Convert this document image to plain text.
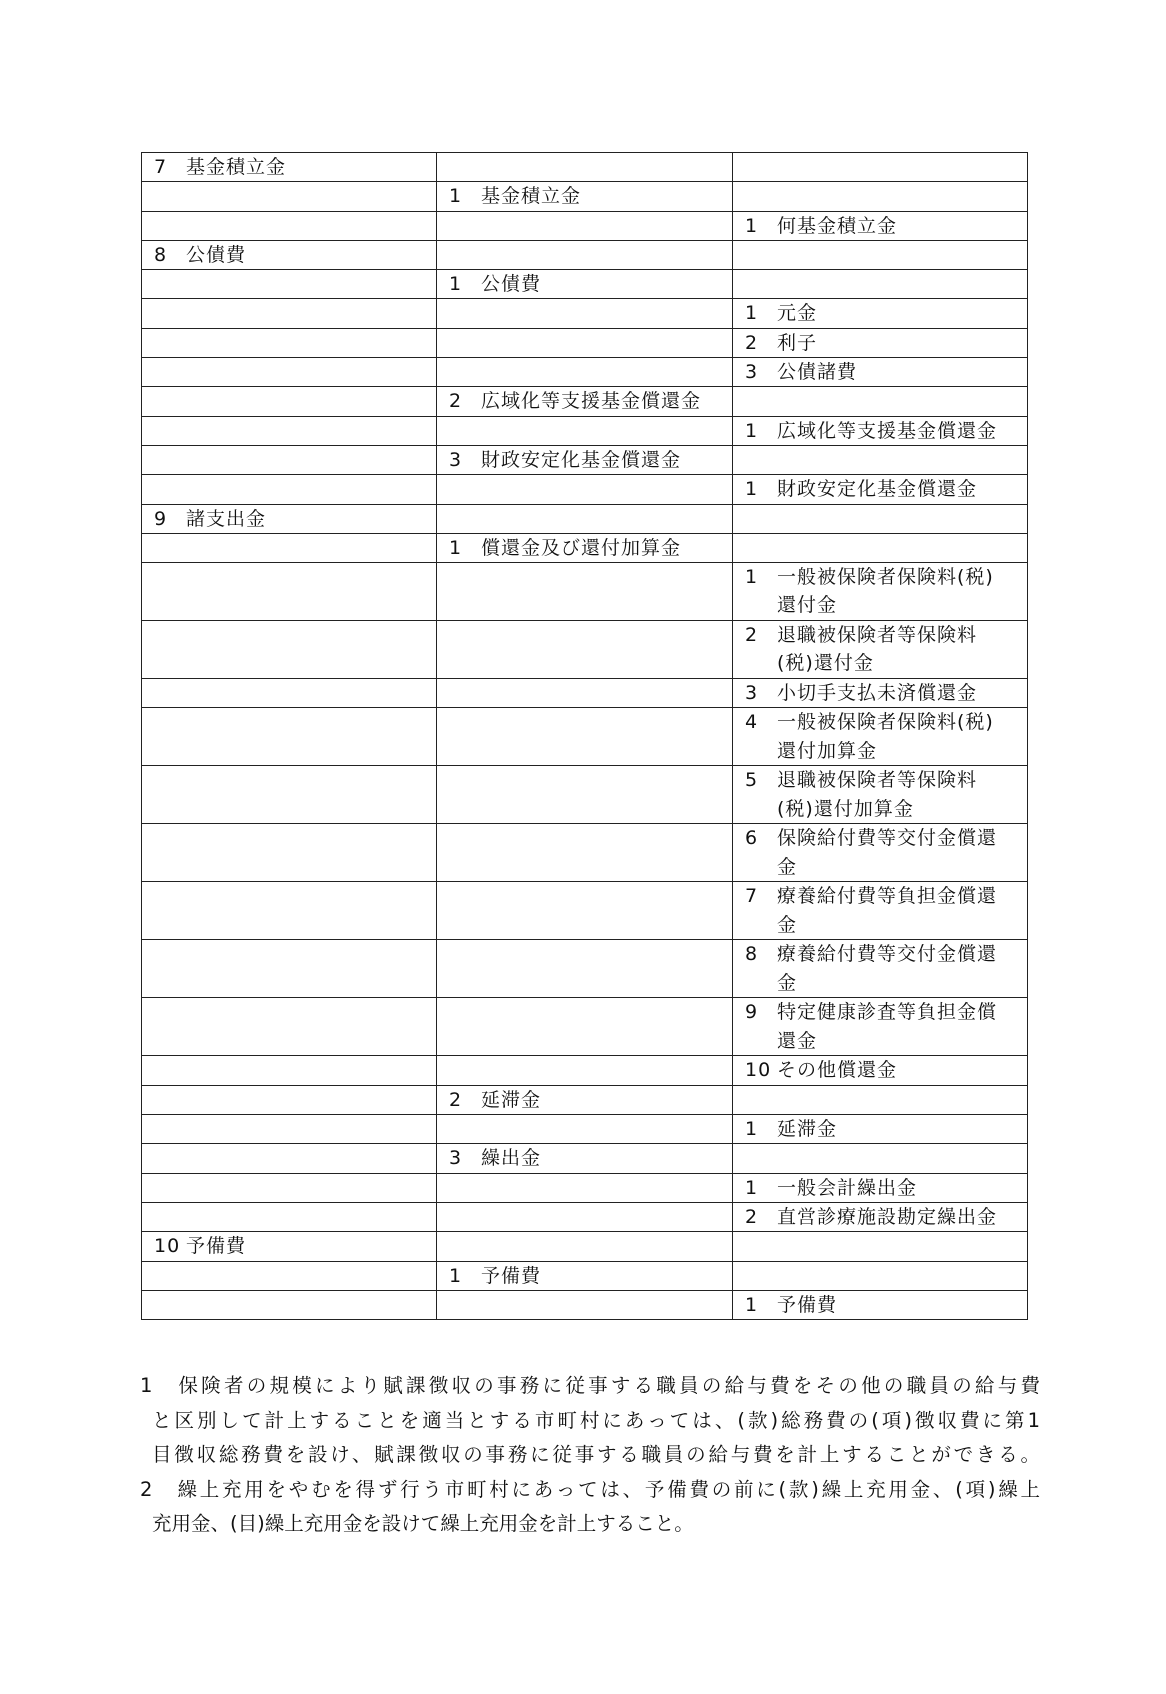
7 基金積立金		

	1 基金積立金	

		1 何基金積立金

8 公債費		

	1 公債費	

		1 元金

		2 利子

		3 公債諸費

	2 広域化等支援基金償還金	

		1 広域化等支援基金償還金

	3 財政安定化基金償還金	

		1 財政安定化基金償還金

9 諸支出金		

	1 償還金及び還付加算金	

		1 一般被保険者保険料(税)
還付金

		2 退職被保険者等保険料
(税)還付金

		3 小切手支払未済償還金

		4 一般被保険者保険料(税)
還付加算金

		5 退職被保険者等保険料
(税)還付加算金

		6 保険給付費等交付金償還
金

		7 療養給付費等負担金償還
金

		8 療養給付費等交付金償還
金

		9 特定健康診査等負担金償
還金

		10 その他償還金

	2 延滞金	

		1 延滞金

	3 繰出金	

		1 一般会計繰出金

		2 直営診療施設勘定繰出金

10 予備費		

	1 予備費	

		1 予備費
1　保険者の規模により賦課徴収の事務に従事する職員の給与費をその他の職員の給与費
と区別して計上することを適当とする市町村にあっては、(款)総務費の(項)徴収費に第1
目徴収総務費を設け、賦課徴収の事務に従事する職員の給与費を計上することができる。
2　繰上充用をやむを得ず行う市町村にあっては、予備費の前に(款)繰上充用金、(項)繰上
充用金、(目)繰上充用金を設けて繰上充用金を計上すること。
